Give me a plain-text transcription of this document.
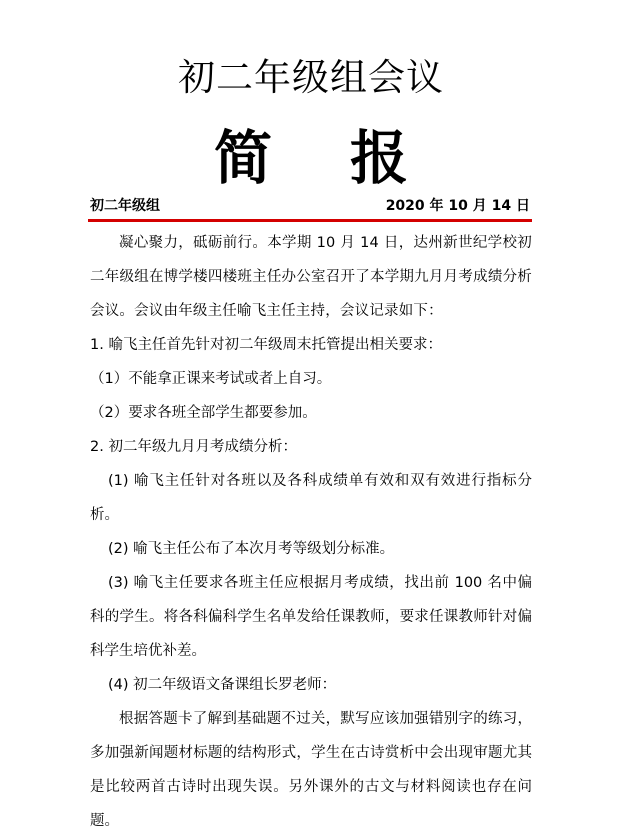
初二年级组会议
简 报
初二年级组	2020 年 10 月 14 日

凝心聚力，砥砺前行。本学期 10 月 14 日，达州新世纪学校初二年级组在博学楼四楼班主任办公室召开了本学期九月月考成绩分析会议。会议由年级主任喻飞主任主持，会议记录如下：

1. 喻飞主任首先针对初二年级周末托管提出相关要求：

（1）不能拿正课来考试或者上自习。

（2）要求各班全部学生都要参加。

2. 初二年级九月月考成绩分析：

(1) 喻飞主任针对各班以及各科成绩单有效和双有效进行指标分析。

(2) 喻飞主任公布了本次月考等级划分标准。

(3) 喻飞主任要求各班主任应根据月考成绩，找出前 100 名中偏科的学生。将各科偏科学生名单发给任课教师，要求任课教师针对偏科学生培优补差。

(4) 初二年级语文备课组长罗老师：

根据答题卡了解到基础题不过关，默写应该加强错别字的练习，多加强新闻题材标题的结构形式，学生在古诗赏析中会出现审题尤其是比较两首古诗时出现失误。另外课外的古文与材料阅读也存在问题。
